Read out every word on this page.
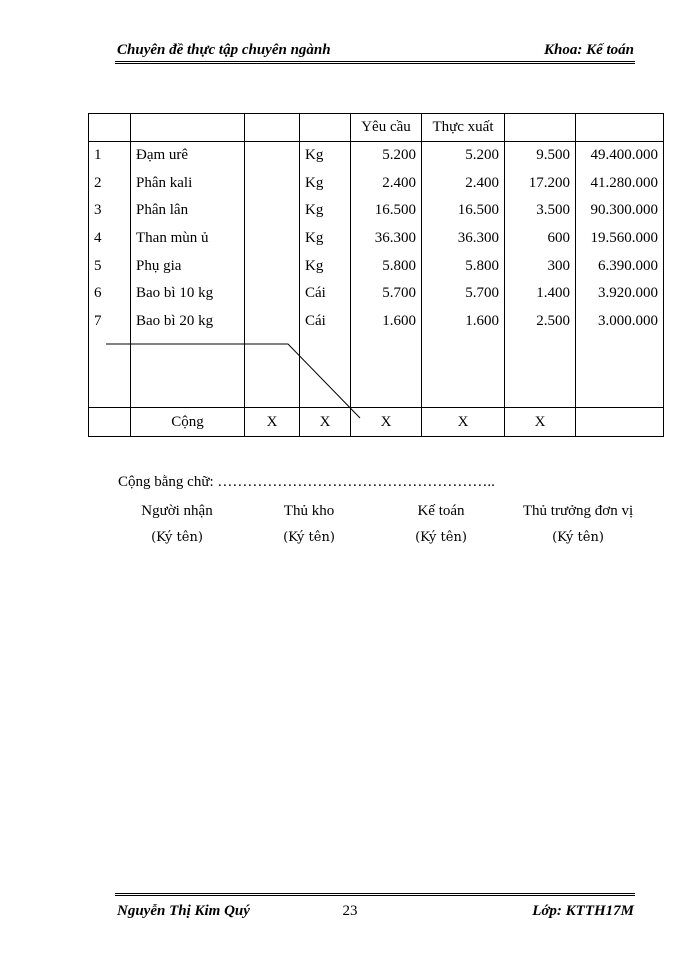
Chuyên đề thực tập chuyên ngành	Khoa: Kế toán
				Yêu cầu	Thực xuất		
1	Đạm urê		Kg	5.200	5.200	9.500	49.400.000
2	Phân kali		Kg	2.400	2.400	17.200	41.280.000
3	Phân lân		Kg	16.500	16.500	3.500	90.300.000
4	Than mùn ủ		Kg	36.300	36.300	600	19.560.000
5	Phụ gia		Kg	5.800	5.800	300	6.390.000
6	Bao bì 10 kg		Cái	5.700	5.700	1.400	3.920.000
7	Bao bì 20 kg		Cái	1.600	1.600	2.500	3.000.000

	Cộng	X	X	X	X	X	
Cộng bằng chữ: ………………………………………………..
Người nhận
(Ký tên)
Thủ kho
(Ký tên)
Kế toán
(Ký tên)
Thủ trưởng đơn vị
(Ký tên)
Nguyễn Thị Kim Quý	23	Lớp: KTTH17M
